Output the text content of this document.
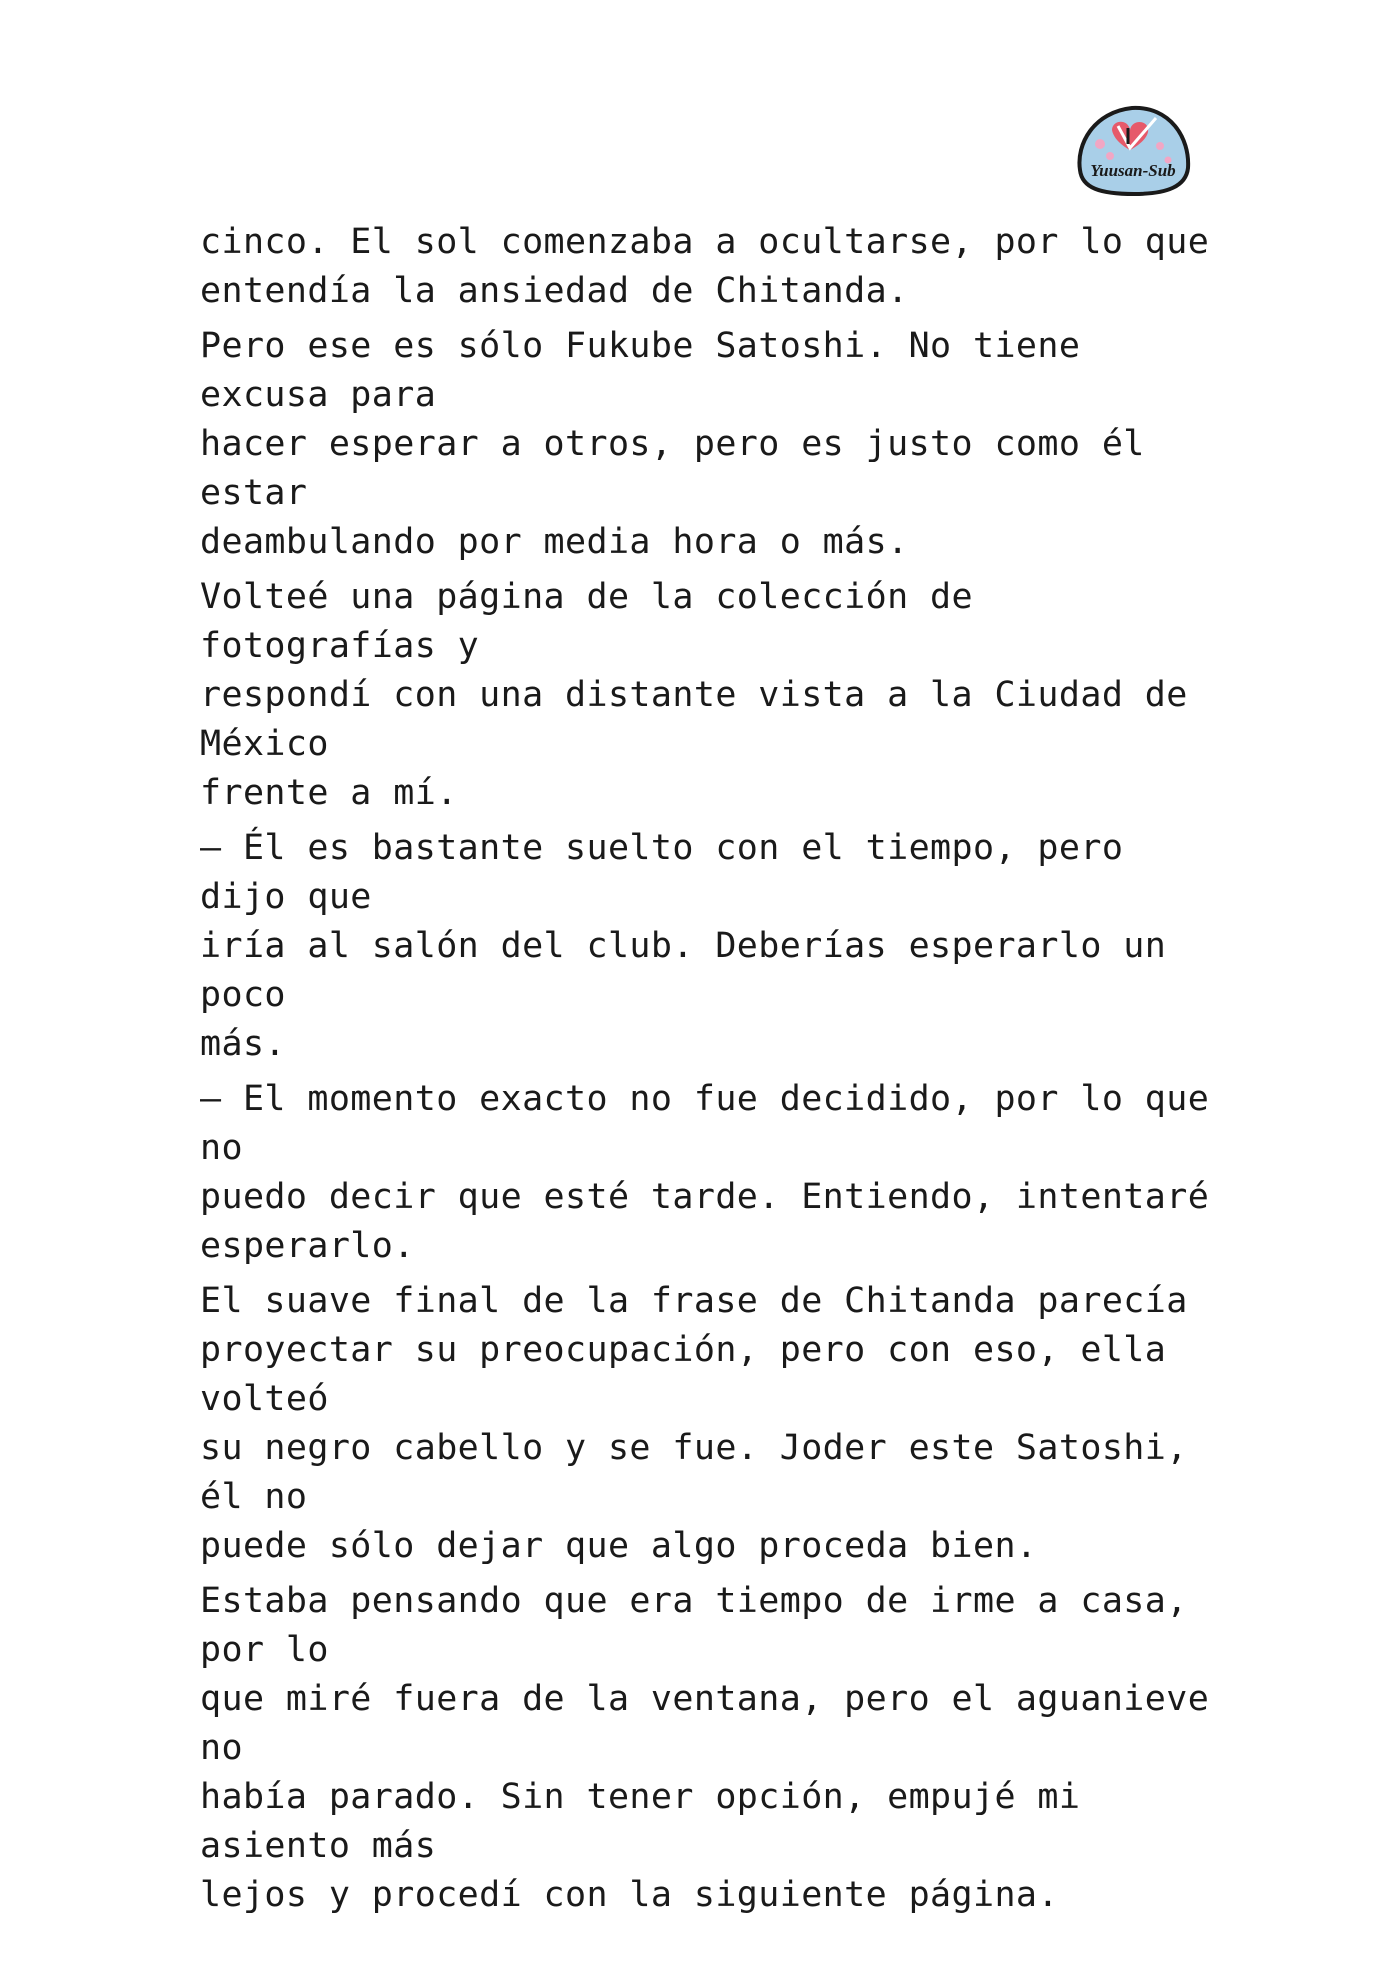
Yuusan-Sub

cinco. El sol comenzaba a ocultarse, por lo que
entendía la ansiedad de Chitanda.

Pero ese es sólo Fukube Satoshi. No tiene excusa para
hacer esperar a otros, pero es justo como él estar
deambulando por media hora o más.

Volteé una página de la colección de fotografías y
respondí con una distante vista a la Ciudad de México
frente a mí.

– Él es bastante suelto con el tiempo, pero dijo que
iría al salón del club. Deberías esperarlo un poco
más.

– El momento exacto no fue decidido, por lo que no
puedo decir que esté tarde. Entiendo, intentaré
esperarlo.

El suave final de la frase de Chitanda parecía
proyectar su preocupación, pero con eso, ella volteó
su negro cabello y se fue. Joder este Satoshi, él no
puede sólo dejar que algo proceda bien.

Estaba pensando que era tiempo de irme a casa, por lo
que miré fuera de la ventana, pero el aguanieve no
había parado. Sin tener opción, empujé mi asiento más
lejos y procedí con la siguiente página.
